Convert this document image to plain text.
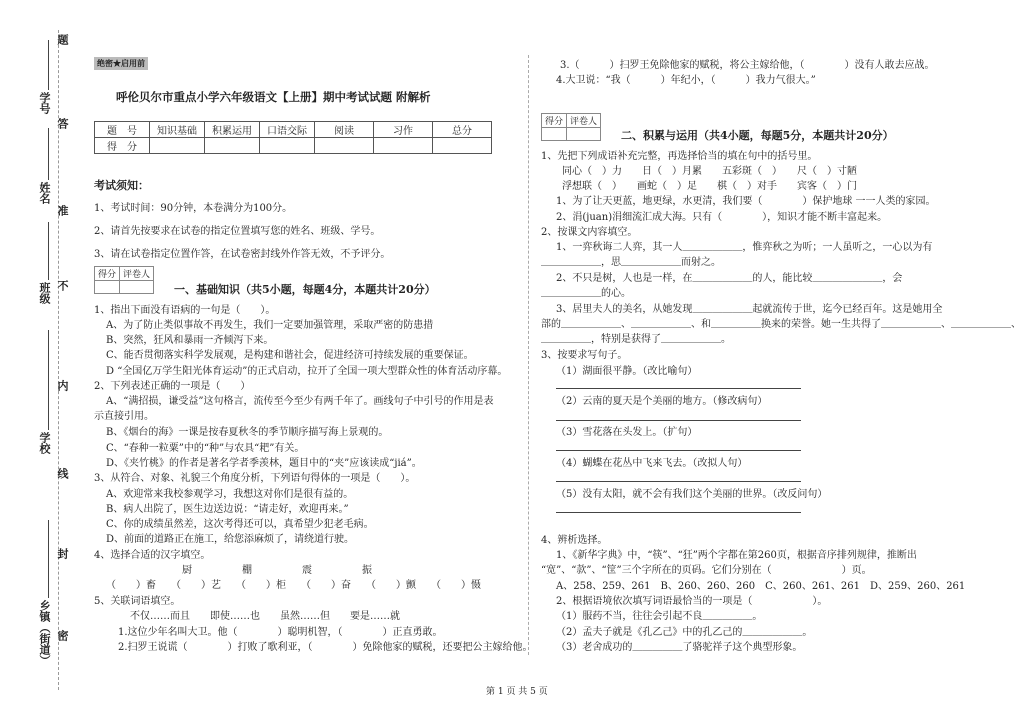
题
学号
答
姓名
准
不
班级
内
学校
线
封
乡镇（街道） 密
绝密★启用前
呼伦贝尔市重点小学六年级语文【上册】期中考试试题 附解析
题　号	知识基础	积累运用	口语交际	阅读	习作	总分
得　分						
考试须知：
1、考试时间：90分钟，本卷满分为100分。
2、请首先按要求在试卷的指定位置填写您的姓名、班级、学号。
3、请在试卷指定位置作答，在试卷密封线外作答无效，不予评分。
得分	评卷人

一、基础知识（共5小题，每题4分，本题共计20分）
1、指出下面没有语病的一句是（　　）。
A、为了防止类似事故不再发生，我们一定要加强管理，采取严密的防患措
B、突然，狂风和暴雨一齐倾泻下来。
C、能否贯彻落实科学发展观，是构建和谐社会，促进经济可持续发展的重要保证。
D “全国亿万学生阳光体育运动”的正式启动，拉开了全国一项大型群众性的体育活动序幕。
2、下列表述正确的一项是（　　）
A、“满招损，谦受益”这句格言，流传至今至少有两千年了。画线句子中引号的作用是表
示直接引用。
B、《烟台的海》一课是按春夏秋冬的季节顺序描写海上景观的。
C、“春种一粒粟”中的“种”与农具“耙”有关。
D、《夹竹桃》的作者是著名学者季羡林，题目中的“夹”应该读成“jiá”。
3、从符合、对象、礼貌三个角度分析，下列语句得体的一项是（　　）。
A、欢迎常来我校参观学习，我想这对你们是很有益的。
B、病人出院了，医生边送边说：“请走好，欢迎再来。”
C、你的成绩虽然差，这次考得还可以，真希望少犯老毛病。
D、前面的道路正在施工，给您添麻烦了，请绕道行驶。
4、选择合适的汉字填空。
厨　　　　　棚　　　　　震　　　　　振
（　　）畜　　（　　）艺　　（　　）柜　　（　　）奋　　（　　）颤　　（　　）慑
5、关联词语填空。
不仅……而且　　即使……也　　虽然……但　　要是……就
1.这位少年名叫大卫。他（　　　　）聪明机智，（　　　　）正直勇敢。
2.扫罗王说谎（　　　　）打败了歌利亚，（　　　　）免除他家的赋税，还要把公主嫁给他。
3.（　　　）扫罗王免除他家的赋税，将公主嫁给他，（　　　　）没有人敢去应战。
4.大卫说：“我（　　　）年纪小，（　　　）我力气很大。”
得分	评卷人

二、积累与运用（共4小题，每题5分，本题共计20分）
1、先把下列成语补充完整，再选择恰当的填在句中的括号里。
同心（　）力　　日（　）月累　　五彩斑（　）　　尺（　）寸陋
浮想联（　）　　画蛇（　）足　　棋（　）对手　　宾客（　）门
1、为了让天更蓝，地更绿，水更清，我们要（　　　　）保护地球 一一人类的家园。
2、涓(juan)涓细流汇成大海。只有（　　　　），知识才能不断丰富起来。
2、按课文内容填空。
1、一弈秋诲二人弈，其一人＿＿＿＿＿＿，惟弈秋之为听；一人虽听之，一心以为有
＿＿＿＿＿＿，思＿＿＿＿＿＿而射之。
2、不只是树，人也是一样，在＿＿＿＿＿＿的人，能比较＿＿＿＿＿＿＿，会
＿＿＿＿＿＿的心。
3、居里夫人的美名，从她发现＿＿＿＿＿＿起就流传于世，迄今已经百年。这是她用全
部的＿＿＿＿＿＿、＿＿＿＿＿＿、和＿＿＿＿＿换来的荣誉。她一生共得了＿＿＿＿＿＿、＿＿＿＿＿＿、
＿＿＿＿＿，特别是获得了＿＿＿＿＿＿。
3、按要求写句子。
（1）湖面很平静。（改比喻句）
（2）云南的夏天是个美丽的地方。（修改病句）
（3）雪花落在头发上。（扩句）
（4）蝴蝶在花丛中飞来飞去。（改拟人句）
（5）没有太阳，就不会有我们这个美丽的世界。（改反问句）
4、辨析选择。
1、《新华字典》中，“筷”、“狂”两个字都在第260页，根据音序排列规律，推断出
“宽”、“款”、“筐”三个字所在的页码。它们分别在（　　　　　　　）页。
A、258、259、261　B、260、260、260　C、260、261、261　D、259、260、261
2、根据语境依次填写词语最恰当的一项是（　　　　　　）。
（1）服药不当，往往会引起不良＿＿＿＿＿。
（2）孟夫子就是《孔乙己》中的孔乙己的＿＿＿＿＿＿。
（3）老舍成功的＿＿＿＿＿了骆驼祥子这个典型形象。
第 1 页 共 5 页
